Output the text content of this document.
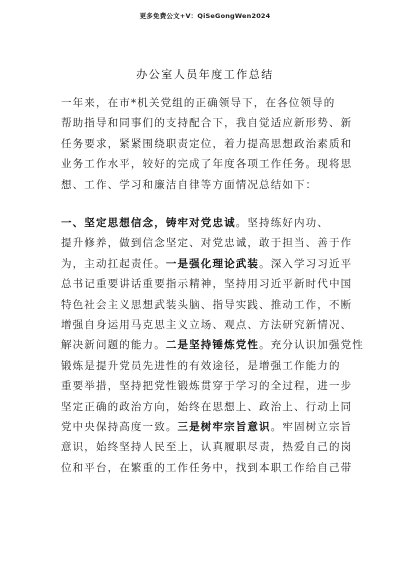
更多免费公文+V：QiSeGongWen2024
办公室人员年度工作总结
一年来，在市*机关党组的正确领导下，在各位领导的
帮助指导和同事们的支持配合下，我自觉适应新形势、新
任务要求，紧紧围绕职责定位，着力提高思想政治素质和
业务工作水平，较好的完成了年度各项工作任务。现将思
想、工作、学习和廉洁自律等方面情况总结如下：
一、坚定思想信念，铸牢对党忠诚。坚持练好内功、
提升修养，做到信念坚定、对党忠诚，敢于担当、善于作
为，主动扛起责任。一是强化理论武装。深入学习习近平
总书记重要讲话重要指示精神，坚持用习近平新时代中国
特色社会主义思想武装头脑、指导实践、推动工作，不断
增强自身运用马克思主义立场、观点、方法研究新情况、
解决新问题的能力。二是坚持锤炼党性。充分认识加强党性
锻炼是提升党员先进性的有效途径，是增强工作能力的
重要举措，坚持把党性锻炼贯穿于学习的全过程，进一步
坚定正确的政治方向，始终在思想上、政治上、行动上同
党中央保持高度一致。三是树牢宗旨意识。牢固树立宗旨
意识，始终坚持人民至上，认真履职尽责，热爱自己的岗
位和平台，在繁重的工作任务中，找到本职工作给自己带
